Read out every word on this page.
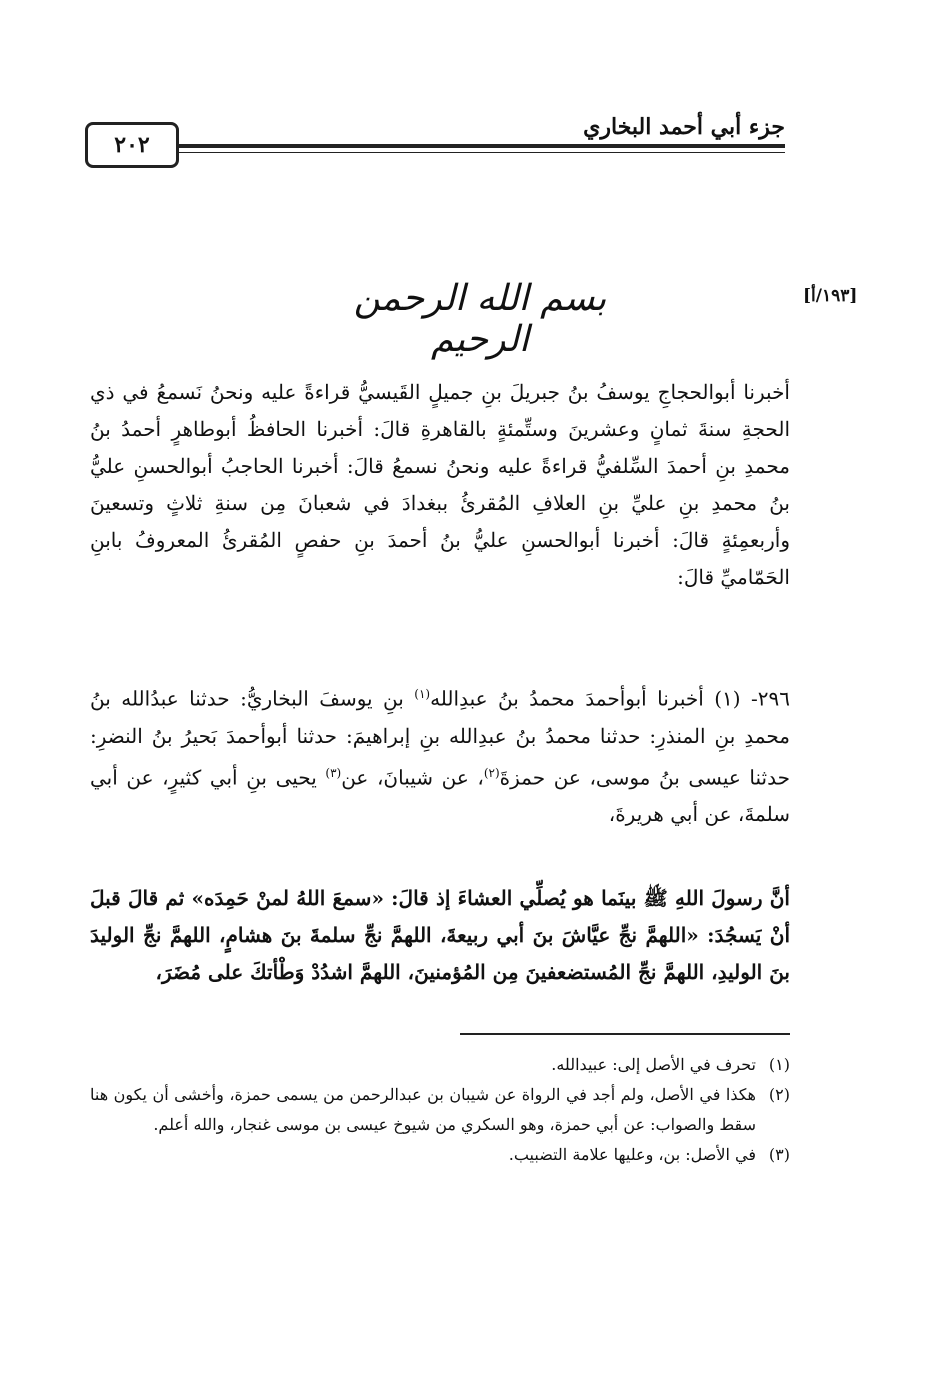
جزء أبي أحمد البخاري
٢٠٢
[١٩٣/أ]
بسم الله الرحمن الرحيم
أخبرنا أبوالحجاجِ يوسفُ بنُ جبريلَ بنِ جميلٍ القَيسيُّ قراءةً عليه ونحنُ نَسمعُ في ذي الحجةِ سنةَ ثمانٍ وعشرينَ وستِّمئةٍ بالقاهرةِ قالَ: أخبرنا الحافظُ أبوطاهرٍ أحمدُ بنُ محمدِ بنِ أحمدَ السِّلفيُّ قراءةً عليه ونحنُ نسمعُ قالَ: أخبرنا الحاجبُ أبوالحسنِ عليُّ بنُ محمدِ بنِ عليِّ بنِ العلافِ المُقرئُ ببغدادَ في شعبانَ مِن سنةِ ثلاثٍ وتسعينَ وأربعمِئةٍ قالَ: أخبرنا أبوالحسنِ عليُّ بنُ أحمدَ بنِ حفصٍ المُقرئُ المعروفُ بابنِ الحَمّاميِّ قالَ:
٢٩٦- (١) أخبرنا أبوأحمدَ محمدُ بنُ عبدِالله$^{(١)}$ بنِ يوسفَ البخاريُّ: حدثنا عبدُالله بنُ محمدِ بنِ المنذرِ: حدثنا محمدُ بنُ عبدِالله بنِ إبراهيمَ: حدثنا أبوأحمدَ بَحيرُ بنُ النضرِ: حدثنا عيسى بنُ موسى، عن حمزةَ$^{(٢)}$، عن شيبانَ، عن$^{(٣)}$ يحيى بنِ أبي كثيرٍ، عن أبي سلمةَ، عن أبي هريرةَ،
أنَّ رسولَ اللهِ ﷺ بينَما هو يُصلِّي العشاءَ إذ قالَ: «سمعَ اللهُ لمنْ حَمِدَه» ثم قالَ قبلَ أنْ يَسجُدَ: «اللهمَّ نجِّ عيَّاشَ بنَ أبي ربيعةَ، اللهمَّ نجِّ سلمةَ بنَ هشامٍ، اللهمَّ نجِّ الوليدَ بنَ الوليدِ، اللهمَّ نجِّ المُستضعفينَ مِن المُؤمنينَ، اللهمَّ اشدُدْ وَطْأتكَ على مُضَرَ،
(١)
تحرف في الأصل إلى: عبيدالله.
(٢)
هكذا في الأصل، ولم أجد في الرواة عن شيبان بن عبدالرحمن من يسمى حمزة، وأخشى أن يكون هنا سقط والصواب: عن أبي حمزة، وهو السكري من شيوخ عيسى بن موسى غنجار، والله أعلم.
(٣)
في الأصل: بن، وعليها علامة التضبيب.
